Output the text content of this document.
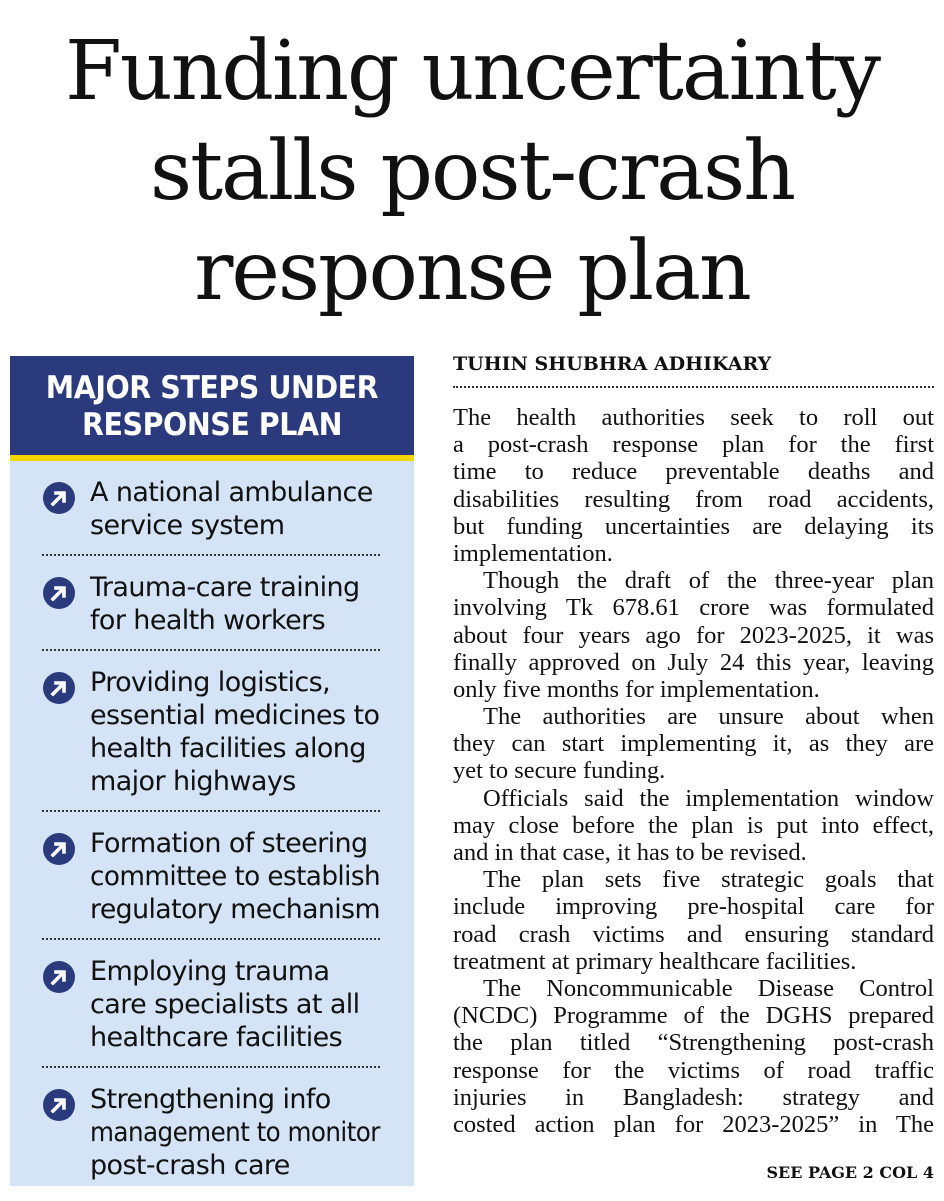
Funding uncertainty
stalls post-crash
response plan
MAJOR STEPS UNDER
RESPONSE PLAN
A national ambulance
service system
Trauma-care training
for health workers
Providing logistics,
essential medicines to
health facilities along
major highways
Formation of steering
committee to establish
regulatory mechanism
Employing trauma
care specialists at all
healthcare facilities
Strengthening info
management to monitor
post-crash care
TUHIN SHUBHRA ADHIKARY

The health authorities seek to roll out
a post-crash response plan for the first
time to reduce preventable deaths and
disabilities resulting from road accidents,
but funding uncertainties are delaying its
implementation.

Though the draft of the three-year plan
involving Tk 678.61 crore was formulated
about four years ago for 2023-2025, it was
finally approved on July 24 this year, leaving
only five months for implementation.

The authorities are unsure about when
they can start implementing it, as they are
yet to secure funding.

Officials said the implementation window
may close before the plan is put into effect,
and in that case, it has to be revised.

The plan sets five strategic goals that
include improving pre-hospital care for
road crash victims and ensuring standard
treatment at primary healthcare facilities.

The Noncommunicable Disease Control
(NCDC) Programme of the DGHS prepared
the plan titled “Strengthening post-crash
response for the victims of road traffic
injuries in Bangladesh: strategy and
costed action plan for 2023-2025” in The

SEE PAGE 2 COL 4
